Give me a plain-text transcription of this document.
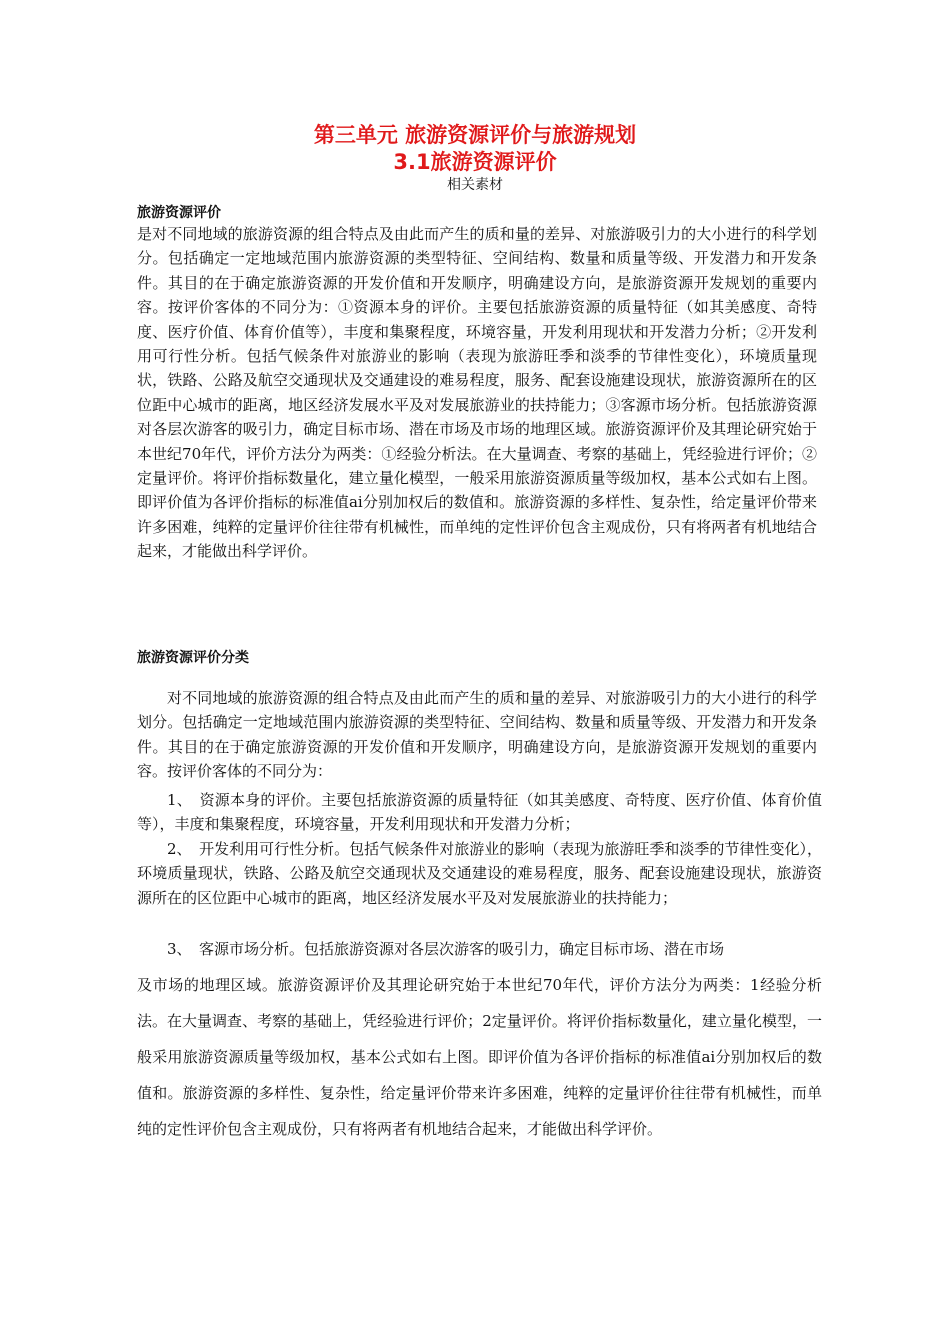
第三单元 旅游资源评价与旅游规划
3.1旅游资源评价

相关素材

旅游资源评价

是对不同地域的旅游资源的组合特点及由此而产生的质和量的差异、对旅游吸引力的大小进行的科学划分。包括确定一定地域范围内旅游资源的类型特征、空间结构、数量和质量等级、开发潜力和开发条件。其目的在于确定旅游资源的开发价值和开发顺序，明确建设方向，是旅游资源开发规划的重要内容。按评价客体的不同分为：①资源本身的评价。主要包括旅游资源的质量特征（如其美感度、奇特度、医疗价值、体育价值等），丰度和集聚程度，环境容量，开发利用现状和开发潜力分析；②开发利用可行性分析。包括气候条件对旅游业的影响（表现为旅游旺季和淡季的节律性变化），环境质量现状，铁路、公路及航空交通现状及交通建设的难易程度，服务、配套设施建设现状，旅游资源所在的区位距中心城市的距离，地区经济发展水平及对发展旅游业的扶持能力；③客源市场分析。包括旅游资源对各层次游客的吸引力，确定目标市场、潜在市场及市场的地理区域。旅游资源评价及其理论研究始于本世纪70年代，评价方法分为两类：①经验分析法。在大量调查、考察的基础上，凭经验进行评价；②定量评价。将评价指标数量化，建立量化模型，一般采用旅游资源质量等级加权，基本公式如右上图。即评价值为各评价指标的标准值ai分别加权后的数值和。旅游资源的多样性、复杂性，给定量评价带来许多困难，纯粹的定量评价往往带有机械性，而单纯的定性评价包含主观成份，只有将两者有机地结合起来，才能做出科学评价。

旅游资源评价分类

对不同地域的旅游资源的组合特点及由此而产生的质和量的差异、对旅游吸引力的大小进行的科学划分。包括确定一定地域范围内旅游资源的类型特征、空间结构、数量和质量等级、开发潜力和开发条件。其目的在于确定旅游资源的开发价值和开发顺序，明确建设方向，是旅游资源开发规划的重要内容。按评价客体的不同分为：

1、　资源本身的评价。主要包括旅游资源的质量特征（如其美感度、奇特度、医疗价值、体育价值等），丰度和集聚程度，环境容量，开发利用现状和开发潜力分析；

2、　开发利用可行性分析。包括气候条件对旅游业的影响（表现为旅游旺季和淡季的节律性变化），环境质量现状，铁路、公路及航空交通现状及交通建设的难易程度，服务、配套设施建设现状，旅游资源所在的区位距中心城市的距离，地区经济发展水平及对发展旅游业的扶持能力；

3、　客源市场分析。包括旅游资源对各层次游客的吸引力，确定目标市场、潜在市场

及市场的地理区域。旅游资源评价及其理论研究始于本世纪70年代，评价方法分为两类：1经验分析法。在大量调查、考察的基础上，凭经验进行评价；2定量评价。将评价指标数量化，建立量化模型，一般采用旅游资源质量等级加权，基本公式如右上图。即评价值为各评价指标的标准值ai分别加权后的数值和。旅游资源的多样性、复杂性，给定量评价带来许多困难，纯粹的定量评价往往带有机械性，而单纯的定性评价包含主观成份，只有将两者有机地结合起来，才能做出科学评价。
